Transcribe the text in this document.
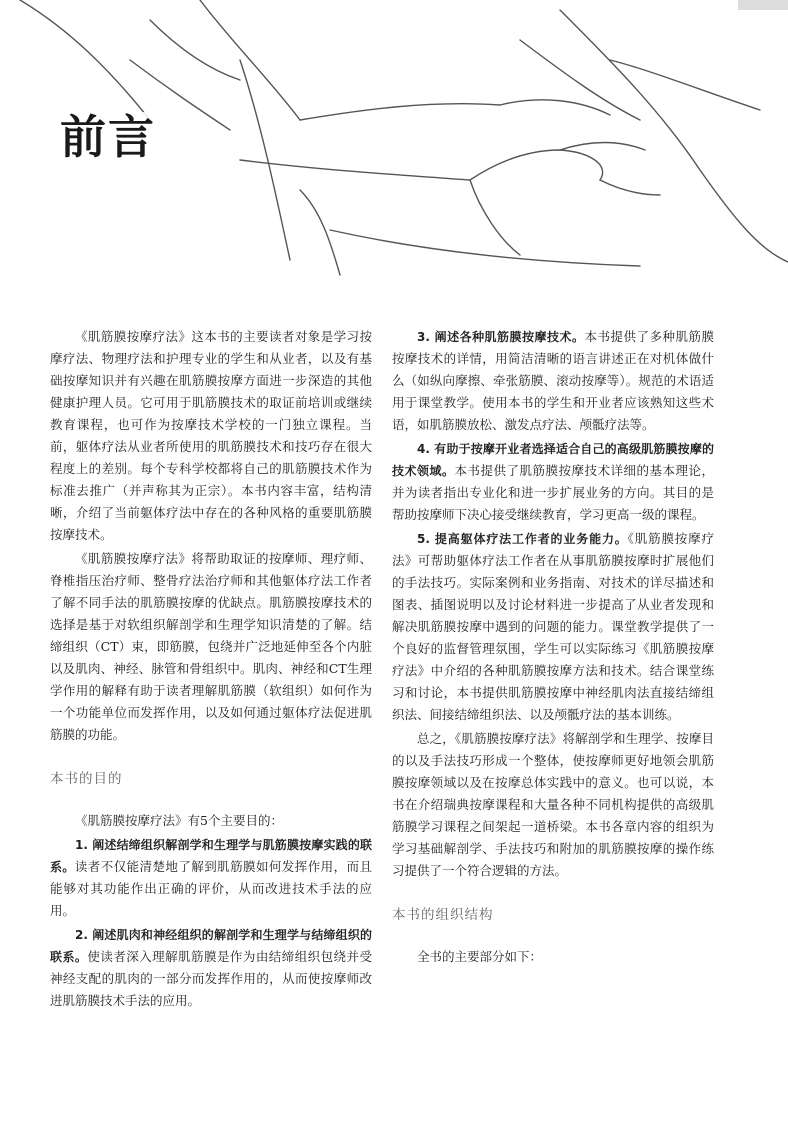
前言

《肌筋膜按摩疗法》这本书的主要读者对象是学习按摩疗法、物理疗法和护理专业的学生和从业者，以及有基础按摩知识并有兴趣在肌筋膜按摩方面进一步深造的其他健康护理人员。它可用于肌筋膜技术的取证前培训或继续教育课程，也可作为按摩技术学校的一门独立课程。当前，躯体疗法从业者所使用的肌筋膜技术和技巧存在很大程度上的差别。每个专科学校都将自己的肌筋膜技术作为标准去推广（并声称其为正宗）。本书内容丰富，结构清晰，介绍了当前躯体疗法中存在的各种风格的重要肌筋膜按摩技术。

《肌筋膜按摩疗法》将帮助取证的按摩师、理疗师、脊椎指压治疗师、整骨疗法治疗师和其他躯体疗法工作者了解不同手法的肌筋膜按摩的优缺点。肌筋膜按摩技术的选择是基于对软组织解剖学和生理学知识清楚的了解。结缔组织（CT）束，即筋膜，包绕并广泛地延伸至各个内脏以及肌肉、神经、脉管和骨组织中。肌肉、神经和CT生理学作用的解释有助于读者理解肌筋膜（软组织）如何作为一个功能单位而发挥作用，以及如何通过躯体疗法促进肌筋膜的功能。

本书的目的

《肌筋膜按摩疗法》有5个主要目的：

1. 阐述结缔组织解剖学和生理学与肌筋膜按摩实践的联系。读者不仅能清楚地了解到肌筋膜如何发挥作用，而且能够对其功能作出正确的评价，从而改进技术手法的应用。

2. 阐述肌肉和神经组织的解剖学和生理学与结缔组织的联系。使读者深入理解肌筋膜是作为由结缔组织包绕并受神经支配的肌肉的一部分而发挥作用的，从而使按摩师改进肌筋膜技术手法的应用。

3. 阐述各种肌筋膜按摩技术。本书提供了多种肌筋膜按摩技术的详情，用简洁清晰的语言讲述正在对机体做什么（如纵向摩擦、牵张筋膜、滚动按摩等）。规范的术语适用于课堂教学。使用本书的学生和开业者应该熟知这些术语，如肌筋膜放松、激发点疗法、颅骶疗法等。

4. 有助于按摩开业者选择适合自己的高级肌筋膜按摩的技术领域。本书提供了肌筋膜按摩技术详细的基本理论，并为读者指出专业化和进一步扩展业务的方向。其目的是帮助按摩师下决心接受继续教育，学习更高一级的课程。

5. 提高躯体疗法工作者的业务能力。《肌筋膜按摩疗法》可帮助躯体疗法工作者在从事肌筋膜按摩时扩展他们的手法技巧。实际案例和业务指南、对技术的详尽描述和图表、插图说明以及讨论材料进一步提高了从业者发现和解决肌筋膜按摩中遇到的问题的能力。课堂教学提供了一个良好的监督管理氛围，学生可以实际练习《肌筋膜按摩疗法》中介绍的各种肌筋膜按摩方法和技术。结合课堂练习和讨论，本书提供肌筋膜按摩中神经肌肉法直接结缔组织法、间接结缔组织法、以及颅骶疗法的基本训练。

总之，《肌筋膜按摩疗法》将解剖学和生理学、按摩目的以及手法技巧形成一个整体，使按摩师更好地领会肌筋膜按摩领域以及在按摩总体实践中的意义。也可以说，本书在介绍瑞典按摩课程和大量各种不同机构提供的高级肌筋膜学习课程之间架起一道桥梁。本书各章内容的组织为学习基础解剖学、手法技巧和附加的肌筋膜按摩的操作练习提供了一个符合逻辑的方法。

本书的组织结构

全书的主要部分如下：
